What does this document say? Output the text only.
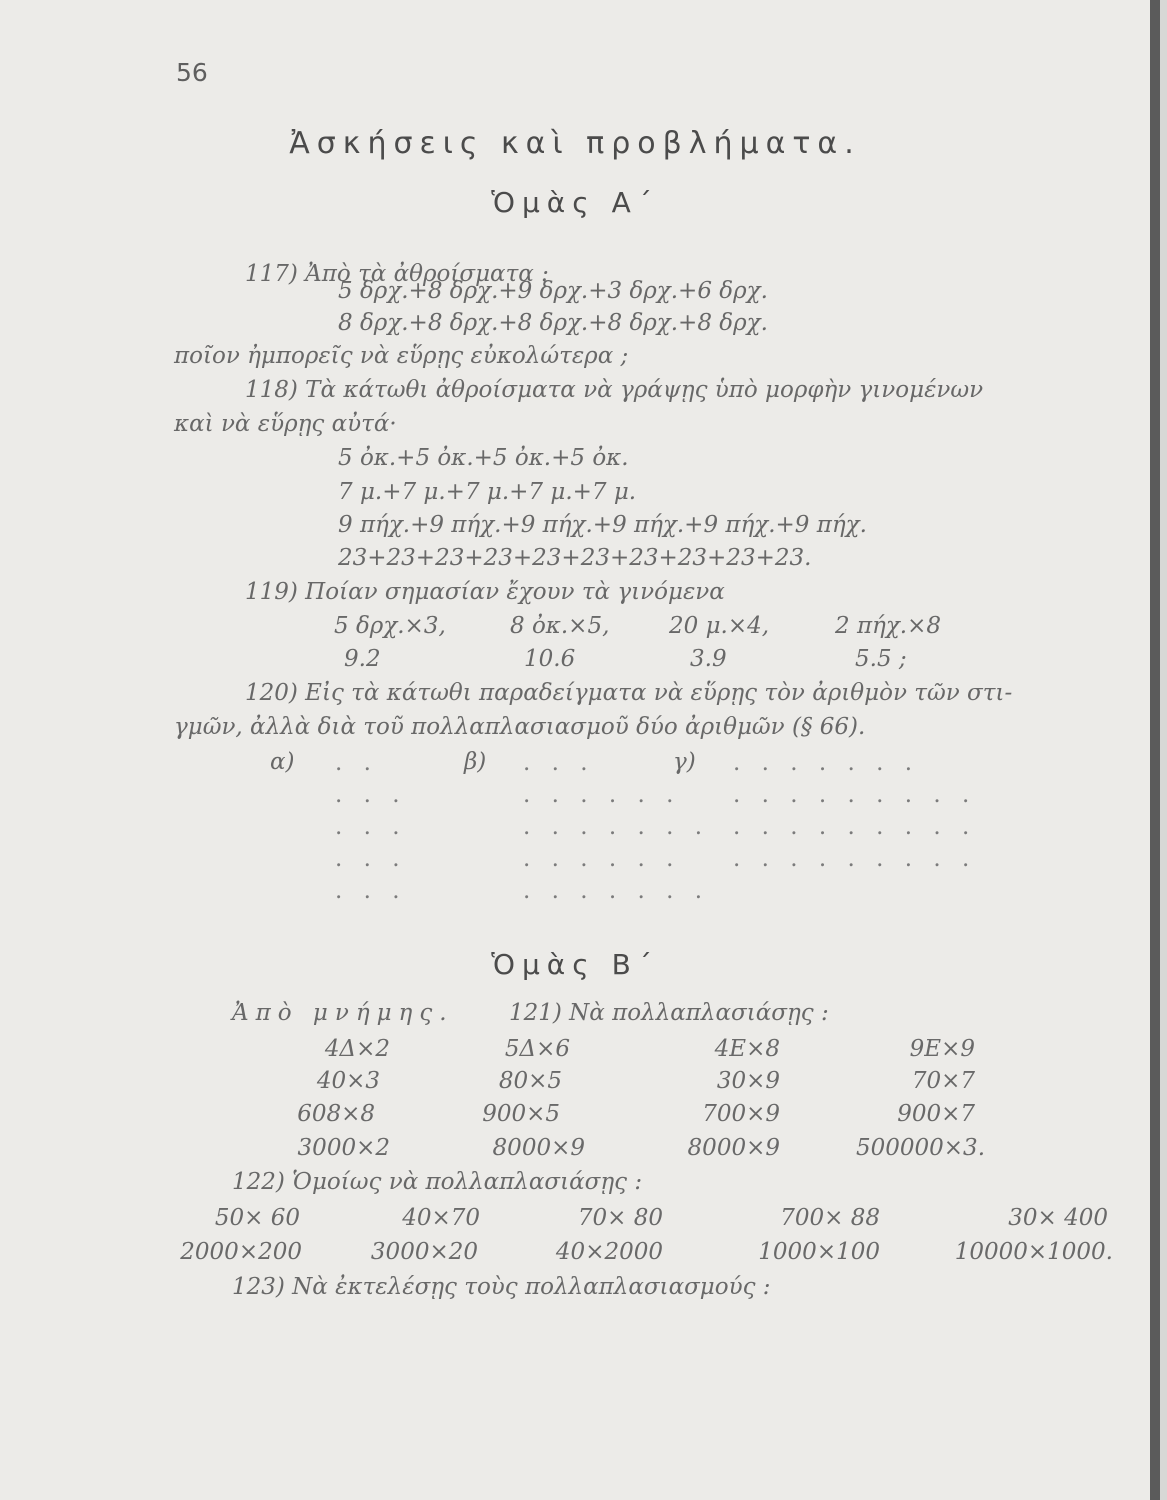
56
Ἀσκήσεις καὶ προβλήματα.
Ὁμὰς Α΄
117) Ἀπὸ τὰ ἀθροίσματα :
5 δρχ.+8 δρχ.+9 δρχ.+3 δρχ.+6 δρχ.
8 δρχ.+8 δρχ.+8 δρχ.+8 δρχ.+8 δρχ.
ποῖον ἠμπορεῖς νὰ εὕρῃς εὐκολώτερα ;
118) Τὰ κάτωθι ἀθροίσματα νὰ γράψῃς ὑπὸ μορφὴν γινομένων
καὶ νὰ εὕρῃς αὐτά·
5 ὀκ.+5 ὀκ.+5 ὀκ.+5 ὀκ.
7 μ.+7 μ.+7 μ.+7 μ.+7 μ.
9 πήχ.+9 πήχ.+9 πήχ.+9 πήχ.+9 πήχ.+9 πήχ.
23+23+23+23+23+23+23+23+23+23.
119) Ποίαν σημασίαν ἔχουν τὰ γινόμενα
5 δρχ.×3,	8 ὀκ.×5,	20 μ.×4,	2 πήχ.×8
9.2	10.6	3.9	5.5 ;
120) Εἰς τὰ κάτωθι παραδείγματα νὰ εὕρῃς τὸν ἀριθμὸν τῶν στι-
γμῶν, ἀλλὰ διὰ τοῦ πολλαπλασιασμοῦ δύο ἀριθμῶν (§ 66).
α)	β)	γ)
. .	. . .	. . . . . . .
. . .	. . . . . . . . . . . . . . .
. . .	. . . . . . . . . . . . . . . .
. . .	. . . . . . . . . . . . . . .
. . .	. . . . . . .
Ὁμὰς Β΄
Ἀπὸ μνήμης. 121) Νὰ πολλαπλασιάσῃς :
4Δ×2	5Δ×6	4Ε×8	9Ε×9
40×3	80×5	30×9	70×7
608×8	900×5	700×9	900×7
3000×2	8000×9	8000×9	500000×3.
122) Ὁμοίως νὰ πολλαπλασιάσῃς :
50× 60	40×70	70× 80	700× 88	30× 400
2000×200	3000×20	40×2000	1000×100	10000×1000.
123) Νὰ ἐκτελέσῃς τοὺς πολλαπλασιασμούς :
